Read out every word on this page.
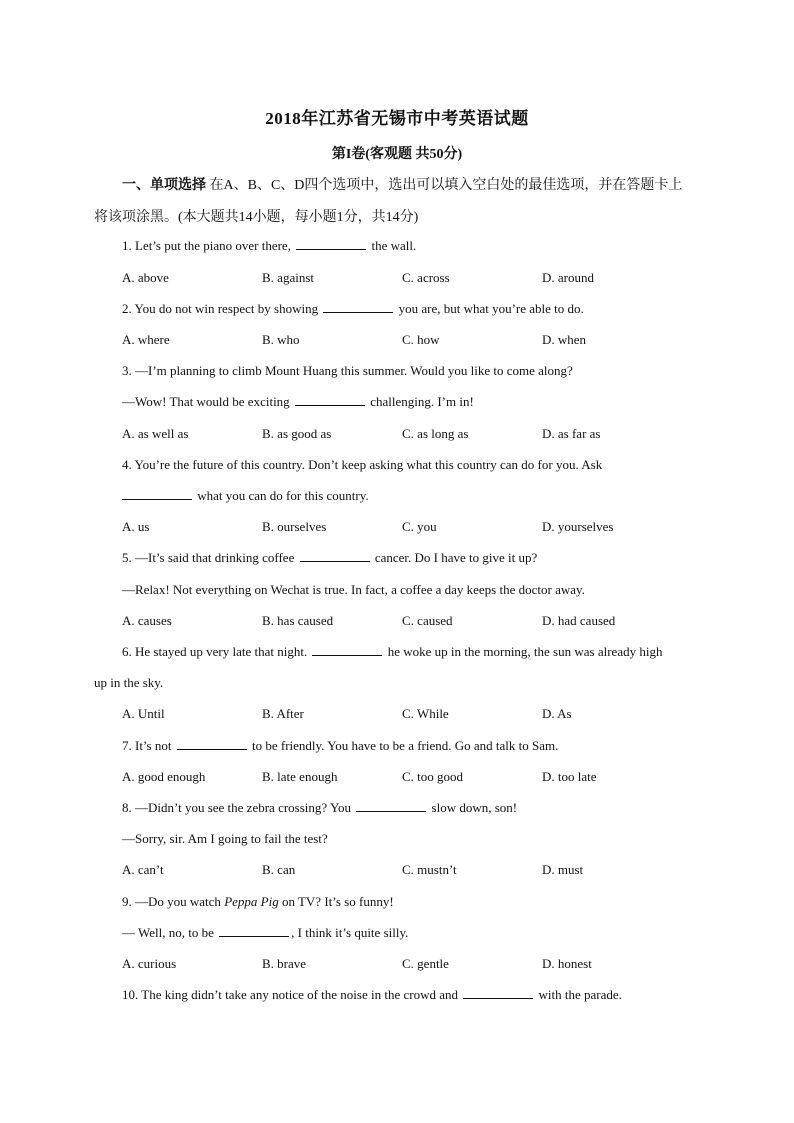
2018年江苏省无锡市中考英语试题
第I卷(客观题 共50分)
一、单项选择 在A、B、C、D四个选项中，选出可以填入空白处的最佳选项，并在答题卡上
将该项涂黑。(本大题共14小题，每小题1分，共14分)
1. Let’s put the piano over there,	the wall.
A. above	B. against	C. across	D. around
2. You do not win respect by showing	you are, but what you’re able to do.
A. where	B. who	C. how	D. when
3. —I’m planning to climb Mount Huang this summer. Would you like to come along?
—Wow! That would be exciting	challenging. I’m in!
A. as well as	B. as good as	C. as long as	D. as far as
4. You’re the future of this country. Don’t keep asking what this country can do for you. Ask
what you can do for this country.
A. us	B. ourselves	C. you	D. yourselves
5. —It’s said that drinking coffee	cancer. Do I have to give it up?
—Relax! Not everything on Wechat is true. In fact, a coffee a day keeps the doctor away.
A. causes	B. has caused	C. caused	D. had caused
6. He stayed up very late that night.	he woke up in the morning, the sun was already high
up in the sky.
A. Until	B. After	C. While	D. As
7. It’s not	to be friendly. You have to be a friend. Go and talk to Sam.
A. good enough	B. late enough	C. too good	D. too late
8. —Didn’t you see the zebra crossing? You	slow down, son!
—Sorry, sir. Am I going to fail the test?
A. can’t	B. can	C. mustn’t	D. must
9. —Do you watch Peppa Pig on TV? It’s so funny!
— Well, no, to be	, I think it’s quite silly.
A. curious	B. brave	C. gentle	D. honest
10. The king didn’t take any notice of the noise in the crowd and	with the parade.
